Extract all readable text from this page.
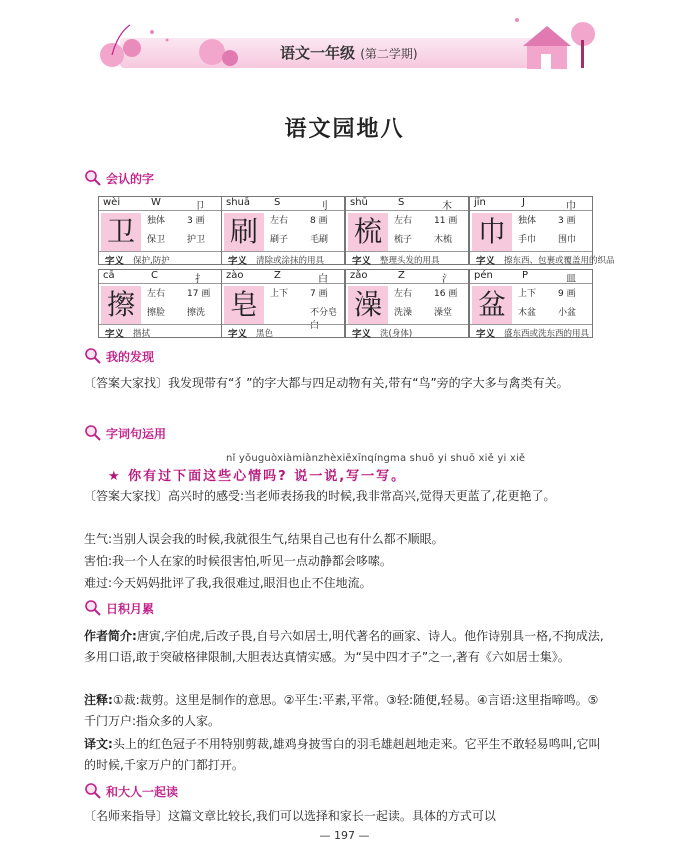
语文一年级 (第二学期)
语文园地八
会认的字
wèi	W	卩
卫	独体 3 画
保卫 护卫
字义 保护,防护
shuā S	刂
刷	左右 8 画
刷子 毛刷
字义 清除或涂抹的用具
shū	S	木
梳	左右 11 画
梳子 木梳
字义 整理头发的用具
jīn	J	巾
巾	独体 3 画
手巾 围巾
字义 擦东西、包裹或覆盖用的织品
cā	C	扌
擦	左右 17 画
擦脸 擦洗
字义 揩拭
zào	Z	白
皂	上下 7 画
不分皂白
字义 黑色
zǎo	Z	氵
澡	左右 16 画
洗澡 澡堂
字义 洗(身体)
pén	P	皿
盆	上下 9 画
木盆 小盆
字义 盛东西或洗东西的用具
我的发现
〔答案大家找〕我发现带有“犭”的字大都与四足动物有关,带有“鸟”旁的字大多与禽类有关。
字词句运用
nǐ yǒuguòxiàmiànzhèxiēxīnqíngma shuō yi shuō xiě yi xiě
★ 你有过下面这些心情吗? 说一说,写一写。
〔答案大家找〕高兴时的感受:当老师表扬我的时候,我非常高兴,觉得天更蓝了,花更艳了。
生气:当别人误会我的时候,我就很生气,结果自己也有什么都不顺眼。
害怕:我一个人在家的时候很害怕,听见一点动静都会哆嗦。
难过:今天妈妈批评了我,我很难过,眼泪也止不住地流。
日积月累
作者简介:唐寅,字伯虎,后改子畏,自号六如居士,明代著名的画家、诗人。他作诗别具一格,不拘成法,多用口语,敢于突破格律限制,大胆表达真情实感。为“吴中四才子”之一,著有《六如居士集》。
注释:①裁:裁剪。这里是制作的意思。②平生:平素,平常。③轻:随便,轻易。④言语:这里指啼鸣。⑤千门万户:指众多的人家。
译文:头上的红色冠子不用特别剪裁,雄鸡身披雪白的羽毛雄赳赳地走来。它平生不敢轻易鸣叫,它叫的时候,千家万户的门都打开。
和大人一起读
〔名师来指导〕这篇文章比较长,我们可以选择和家长一起读。具体的方式可以
— 197 —
